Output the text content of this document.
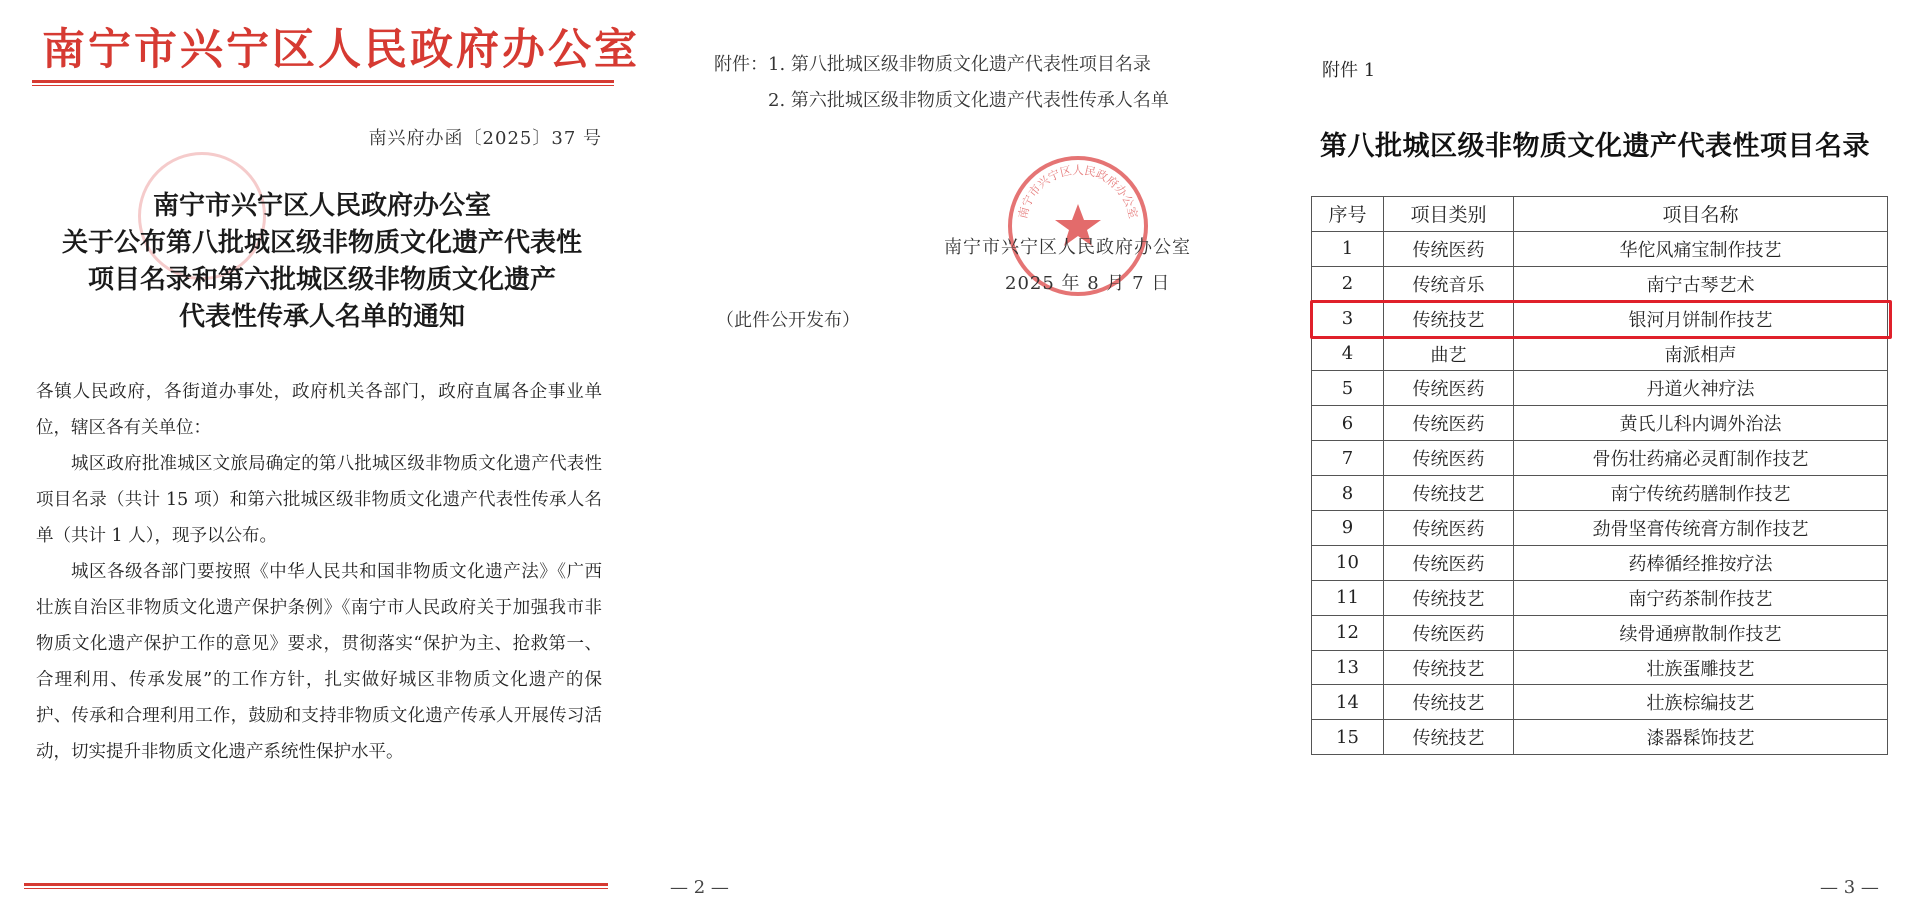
南宁市兴宁区人民政府办公室
南兴府办函〔2025〕37 号
南宁市兴宁区人民政府办公室
关于公布第八批城区级非物质文化遗产代表性
项目名录和第六批城区级非物质文化遗产
代表性传承人名单的通知

各镇人民政府，各街道办事处，政府机关各部门，政府直属各企事业单位，辖区各有关单位：

城区政府批准城区文旅局确定的第八批城区级非物质文化遗产代表性项目名录（共计 15 项）和第六批城区级非物质文化遗产代表性传承人名单（共计 1 人），现予以公布。

城区各级各部门要按照《中华人民共和国非物质文化遗产法》《广西壮族自治区非物质文化遗产保护条例》《南宁市人民政府关于加强我市非物质文化遗产保护工作的意见》要求，贯彻落实“保护为主、抢救第一、合理利用、传承发展”的工作方针，扎实做好城区非物质文化遗产的保护、传承和合理利用工作，鼓励和支持非物质文化遗产传承人开展传习活动，切实提升非物质文化遗产系统性保护水平。

附件： 1. 第八批城区级非物质文化遗产代表性项目名录
2. 第六批城区级非物质文化遗产代表性传承人名单
南宁市兴宁区人民政府办公室
南宁市兴宁区人民政府办公室
2025 年 8 月 7 日
（此件公开发布）
— 2 —
附件 1
第八批城区级非物质文化遗产代表性项目名录
序号	项目类别	项目名称
1	传统医药	华佗风痛宝制作技艺
2	传统音乐	南宁古琴艺术
3	传统技艺	银河月饼制作技艺
4	曲艺	南派相声
5	传统医药	丹道火神疗法
6	传统医药	黄氏儿科内调外治法
7	传统医药	骨伤壮药痛必灵酊制作技艺
8	传统技艺	南宁传统药膳制作技艺
9	传统医药	劲骨坚膏传统膏方制作技艺
10	传统医药	药棒循经推按疗法
11	传统技艺	南宁药茶制作技艺
12	传统医药	续骨通痹散制作技艺
13	传统技艺	壮族蛋雕技艺
14	传统技艺	壮族棕编技艺
15	传统技艺	漆器髹饰技艺
— 3 —
